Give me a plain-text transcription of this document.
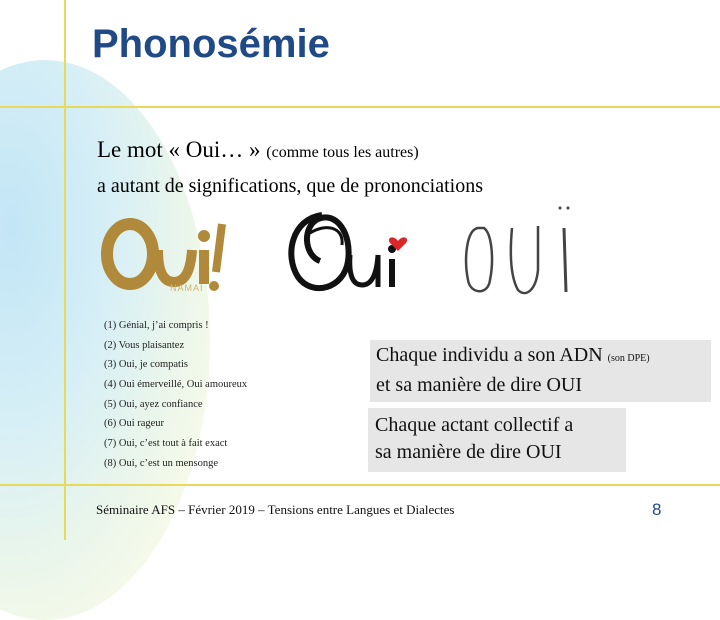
Phonosémie
Le mot « Oui… » (comme tous les autres)
a autant de significations, que de prononciations
NAMAI
(1) Génial, j’ai compris !
(2) Vous plaisantez
(3) Oui, je compatis
(4) Oui émerveillé, Oui amoureux
(5) Oui, ayez confiance
(6) Oui rageur
(7) Oui, c’est tout à fait exact
(8) Oui, c’est un mensonge
Chaque individu a son ADN (son DPE)
et sa manière de dire OUI
Chaque actant collectif a
sa manière de dire OUI
Séminaire AFS – Février 2019 – Tensions entre Langues et Dialectes	8
